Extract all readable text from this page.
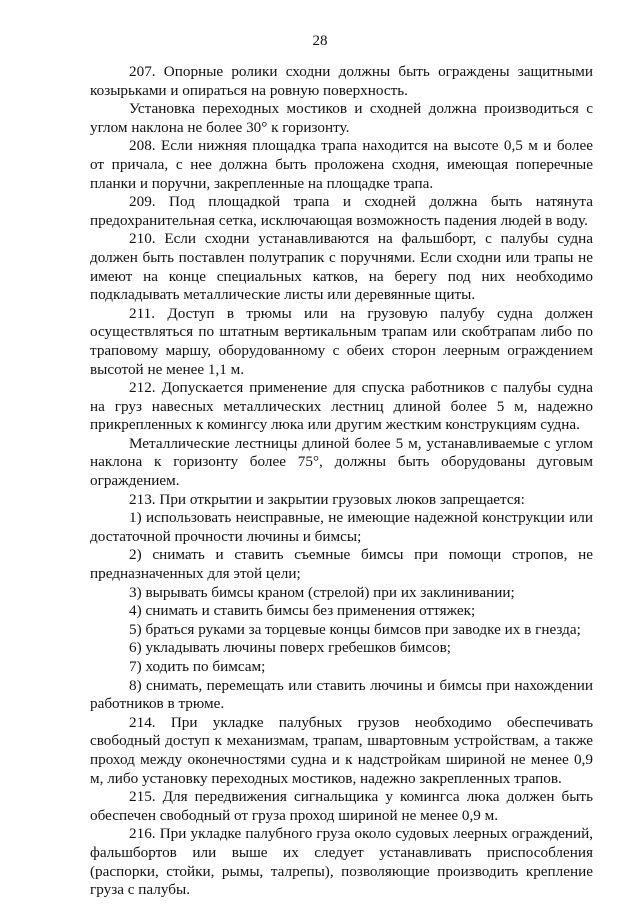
28

207. Опорные ролики сходни должны быть ограждены защитными козырьками и опираться на ровную поверхность.

Установка переходных мостиков и сходней должна производиться с углом наклона не более 30° к горизонту.

208. Если нижняя площадка трапа находится на высоте 0,5 м и более от причала, с нее должна быть проложена сходня, имеющая поперечные планки и поручни, закрепленные на площадке трапа.

209. Под площадкой трапа и сходней должна быть натянута предохранительная сетка, исключающая возможность падения людей в воду.

210. Если сходни устанавливаются на фальшборт, с палубы судна должен быть поставлен полутрапик с поручнями. Если сходни или трапы не имеют на конце специальных катков, на берегу под них необходимо подкладывать металлические листы или деревянные щиты.

211. Доступ в трюмы или на грузовую палубу судна должен осуществляться по штатным вертикальным трапам или скобтрапам либо по траповому маршу, оборудованному с обеих сторон леерным ограждением высотой не менее 1,1 м.

212. Допускается применение для спуска работников с палубы судна на груз навесных металлических лестниц длиной более 5 м, надежно прикрепленных к комингсу люка или другим жестким конструкциям судна.

Металлические лестницы длиной более 5 м, устанавливаемые с углом наклона к горизонту более 75°, должны быть оборудованы дуговым ограждением.

213. При открытии и закрытии грузовых люков запрещается:

1) использовать неисправные, не имеющие надежной конструкции или достаточной прочности лючины и бимсы;

2) снимать и ставить съемные бимсы при помощи стропов, не предназначенных для этой цели;

3) вырывать бимсы краном (стрелой) при их заклинивании;

4) снимать и ставить бимсы без применения оттяжек;

5) браться руками за торцевые концы бимсов при заводке их в гнезда;

6) укладывать лючины поверх гребешков бимсов;

7) ходить по бимсам;

8) снимать, перемещать или ставить лючины и бимсы при нахождении работников в трюме.

214. При укладке палубных грузов необходимо обеспечивать свободный доступ к механизмам, трапам, швартовным устройствам, а также проход между оконечностями судна и к надстройкам шириной не менее 0,9 м, либо установку переходных мостиков, надежно закрепленных трапов.

215. Для передвижения сигнальщика у комингса люка должен быть обеспечен свободный от груза проход шириной не менее 0,9 м.

216. При укладке палубного груза около судовых леерных ограждений, фальшбортов или выше их следует устанавливать приспособления (распорки, стойки, рымы, талрепы), позволяющие производить крепление груза с палубы.
